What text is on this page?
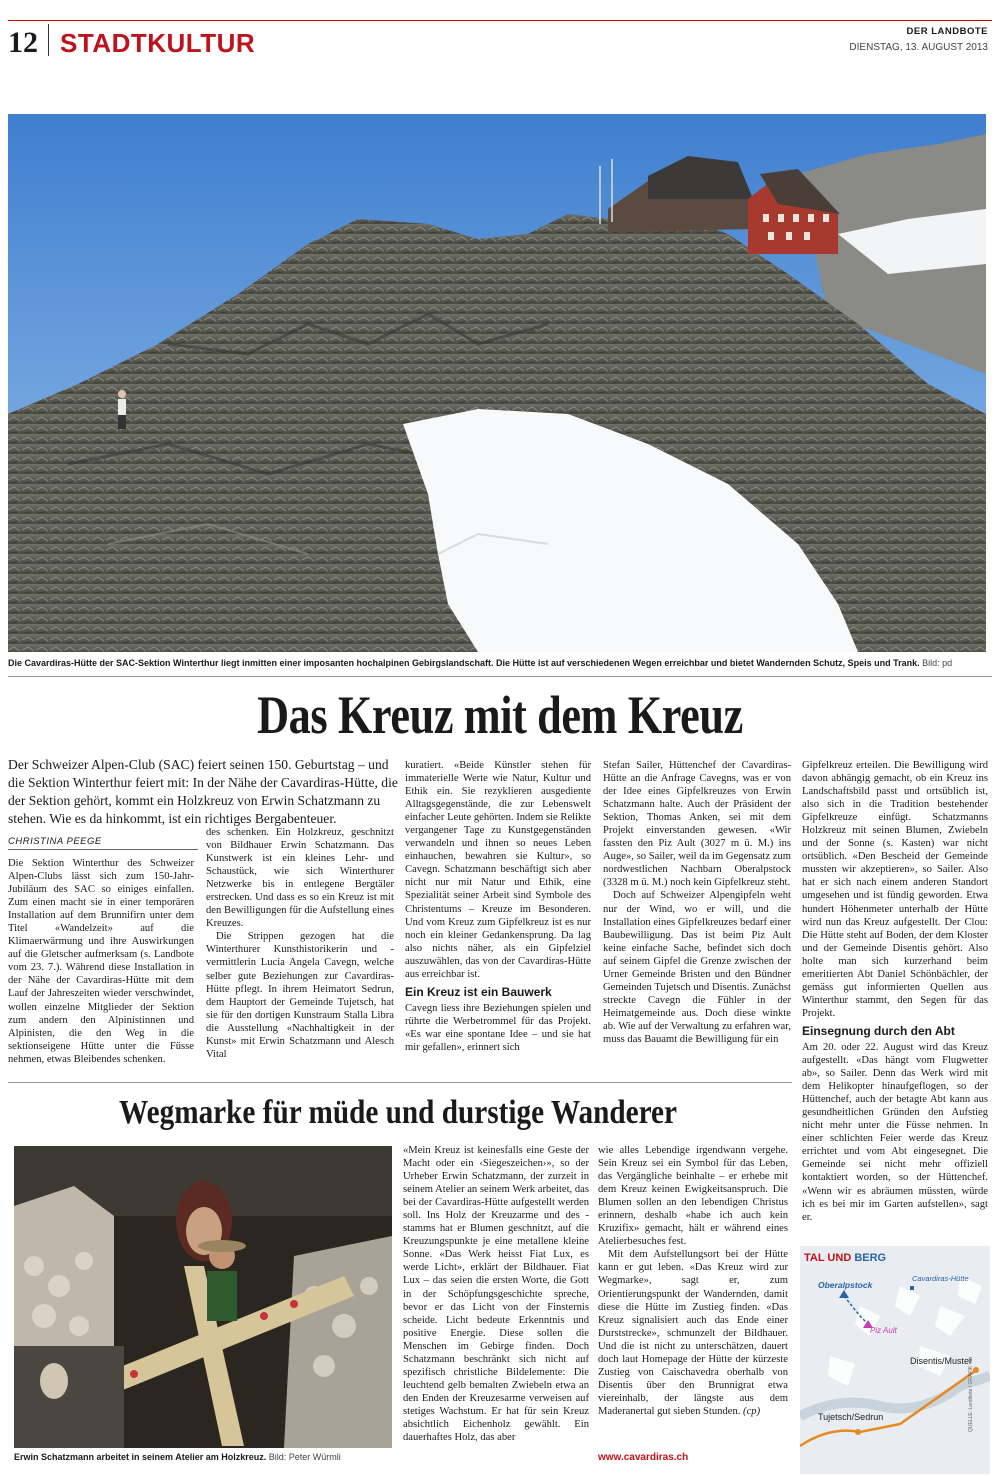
12 STADTKULTUR	DER LANDBOTE
DIENSTAG, 13. AUGUST 2013
Die Cavardiras-Hütte der SAC-Sektion Winterthur liegt inmitten einer imposanten hochalpinen Gebirgslandschaft. Die Hütte ist auf verschiedenen Wegen erreichbar und bietet Wandernden Schutz, Speis und Trank. Bild: pd
Das Kreuz mit dem Kreuz
Der Schweizer Alpen-Club (SAC) feiert seinen 150. Geburtstag – und die Sektion Winterthur feiert mit: In der Nähe der Cavardiras-Hütte, die der Sektion gehört, kommt ein Holzkreuz von Erwin Schatzmann zu stehen. Wie es da hinkommt, ist ein richtiges Bergabenteuer.
CHRISTINA PEEGE

Die Sektion Winterthur des Schweizer Alpen-Clubs lässt sich zum 150-Jahr-Jubiläum des SAC so einiges einfallen. Zum einen macht sie in einer temporären Installation auf dem Brunnifirn unter dem Titel «Wandelzeit» auf die Klimaerwärmung und ihre Auswirkungen auf die Gletscher aufmerksam (s. Landbote vom 23. 7.). Während diese Installation in der Nähe der Cavardiras-Hütte mit dem Lauf der Jahreszeiten wieder verschwindet, wollen einzelne Mitglieder der Sektion zum andern den Alpinistinnen und Alpinisten, die den Weg in die sektionseigene Hütte unter die Füsse nehmen, etwas Bleibendes schenken.

des schenken. Ein Holzkreuz, geschnitzt von Bildhauer Erwin Schatzmann. Das Kunstwerk ist ein kleines Lehr- und Schaustück, wie sich Winterthurer Netzwerke bis in entlegene Bergtäler erstrecken. Und dass es so ein Kreuz ist mit den Bewilligungen für die Aufstellung eines Kreuzes.

Die Strippen gezogen hat die Winterthurer Kunsthistorikerin und -vermittlerin Lucia Angela Cavegn, welche selber gute Beziehungen zur Cavardiras-Hütte pflegt. In ihrem Heimatort Sedrun, dem Hauptort der Gemeinde Tujetsch, hat sie für den dortigen Kunstraum Stalla Libra die Ausstellung «Nachhaltigkeit in der Kunst» mit Erwin Schatzmann und Alesch Vital

kuratiert. «Beide Künstler stehen für immaterielle Werte wie Natur, Kultur und Ethik ein. Sie rezyklieren ausgediente Alltagsgegenstände, die zur Lebenswelt einfacher Leute gehörten. Indem sie Relikte vergangener Tage zu Kunstgegenständen verwandeln und ihnen so neues Leben einhauchen, bewahren sie Kultur», so Cavegn. Schatzmann beschäftigt sich aber nicht nur mit Natur und Ethik, eine Spezialität seiner Arbeit sind Symbole des Christentums – Kreuze im Besonderen. Und vom Kreuz zum Gipfelkreuz ist es nur noch ein kleiner Gedankensprung. Da lag also nichts näher, als ein Gipfelziel auszuwählen, das von der Cavardiras-Hütte aus erreichbar ist.

Ein Kreuz ist ein Bauwerk

Cavegn liess ihre Beziehungen spielen und rührte die Werbetrommel für das Projekt. «Es war eine spontane Idee – und sie hat mir gefallen», erinnert sich

Stefan Sailer, Hüttenchef der Cavardiras-Hütte an die Anfrage Cavegns, was er von der Idee eines Gipfelkreuzes von Erwin Schatzmann halte. Auch der Präsident der Sektion, Thomas Anken, sei mit dem Projekt einverstanden gewesen. «Wir fassten den Piz Ault (3027 m ü. M.) ins Auge», so Sailer, weil da im Gegensatz zum nordwestlichen Nachbarn Oberalpstock (3328 m ü. M.) noch kein Gipfelkreuz steht.

Doch auf Schweizer Alpengipfeln weht nur der Wind, wo er will, und die Installation eines Gipfelkreuzes bedarf einer Baubewilligung. Das ist beim Piz Ault keine einfache Sache, befindet sich doch auf seinem Gipfel die Grenze zwischen der Urner Gemeinde Bristen und den Bündner Gemeinden Tujetsch und Disentis. Zunächst streckte Cavegn die Fühler in der Heimatgemeinde aus. Doch diese winkte ab. Wie auf der Verwaltung zu erfahren war, muss das Bauamt die Bewilligung für ein

Gipfelkreuz erteilen. Die Bewilligung wird davon abhängig gemacht, ob ein Kreuz ins Landschaftsbild passt und ortsüblich ist, also sich in die Tradition bestehender Gipfelkreuze einfügt. Schatzmanns Holzkreuz mit seinen Blumen, Zwiebeln und der Sonne (s. Kasten) war nicht ortsüblich. «Den Bescheid der Gemeinde mussten wir akzeptieren», so Sailer. Also hat er sich nach einem anderen Standort umgesehen und ist fündig geworden. Etwa hundert Höhenmeter unterhalb der Hütte wird nun das Kreuz aufgestellt. Der Clou: Die Hütte steht auf Boden, der dem Kloster und der Gemeinde Disentis gehört. Also holte man sich kurzerhand beim emeritierten Abt Daniel Schönbächler, der gemäss gut informierten Quellen aus Winterthur stammt, den Segen für das Projekt.

Einsegnung durch den Abt

Am 20. oder 22. August wird das Kreuz aufgestellt. «Das hängt vom Flugwetter ab», so Sailer. Denn das Werk wird mit dem Helikopter hinaufgeflogen, so der Hüttenchef, auch der betagte Abt kann aus gesundheitlichen Gründen den Aufstieg nicht mehr unter die Füsse nehmen. In einer schlichten Feier werde das Kreuz errichtet und vom Abt eingesegnet. Die Gemeinde sei nicht mehr offiziell kontaktiert worden, so der Hüttenchef. «Wenn wir es abräumen müssten, würde ich es bei mir im Garten aufstellen», sagt er.

Wegmarke für müde und durstige Wanderer
Erwin Schatzmann arbeitet in seinem Atelier am Holzkreuz. Bild: Peter Würmli

«Mein Kreuz ist keinesfalls eine Geste der Macht oder ein ‹Siegeszeichen›», so der Urheber Erwin Schatzmann, der zurzeit in seinem Atelier an seinem Werk arbeitet, das bei der Cavardiras-Hütte aufgestellt werden soll. Ins Holz der Kreuzarme und des -stamms hat er Blumen geschnitzt, auf die Kreuzungspunkte je eine metallene kleine Sonne. «Das Werk heisst Fiat Lux, es werde Licht», erklärt der Bildhauer. Fiat Lux – das seien die ersten Worte, die Gott in der Schöpfungsgeschichte spreche, bevor er das Licht von der Finsternis scheide. Licht bedeute Erkenntnis und positive Energie. Diese sollen die Menschen im Gebirge finden. Doch Schatzmann beschränkt sich nicht auf spezifisch christliche Bildelemente: Die leuchtend gelb bemalten Zwiebeln etwa an den Enden der Kreuzesarme verweisen auf stetiges Wachstum. Er hat für sein Kreuz absichtlich Eichenholz gewählt. Ein dauerhaftes Holz, das aber

wie alles Lebendige irgendwann vergehe. Sein Kreuz sei ein Symbol für das Leben, das Vergängliche beinhalte – er erhebe mit dem Kreuz keinen Ewigkeitsanspruch. Die Blumen sollen an den lebendigen Christus erinnern, deshalb «habe ich auch kein Kruzifix» gemacht, hält er während eines Atelierbesuches fest.

Mit dem Aufstellungsort bei der Hütte kann er gut leben. «Das Kreuz wird zur Wegmarke», sagt er, zum Orientierungspunkt der Wandernden, damit diese die Hütte im Zustieg finden. «Das Kreuz signalisiert auch das Ende einer Durststrecke», schmunzelt der Bildhauer. Und die ist nicht zu unterschätzen, dauert doch laut Homepage der Hütte der kürzeste Zustieg von Caischavedra oberhalb von Disentis über den Brunnigrat etwa viereinhalb, der längste aus dem Maderanertal gut sieben Stunden. (cp)

www.cavardiras.ch
TAL UND BERG
Oberalpstock
Cavardiras-Hütte
Piz Ault
Disentis/Muster
Tujetsch/Sedrun	QUELLE: Landbote / GRAFIK: wh
